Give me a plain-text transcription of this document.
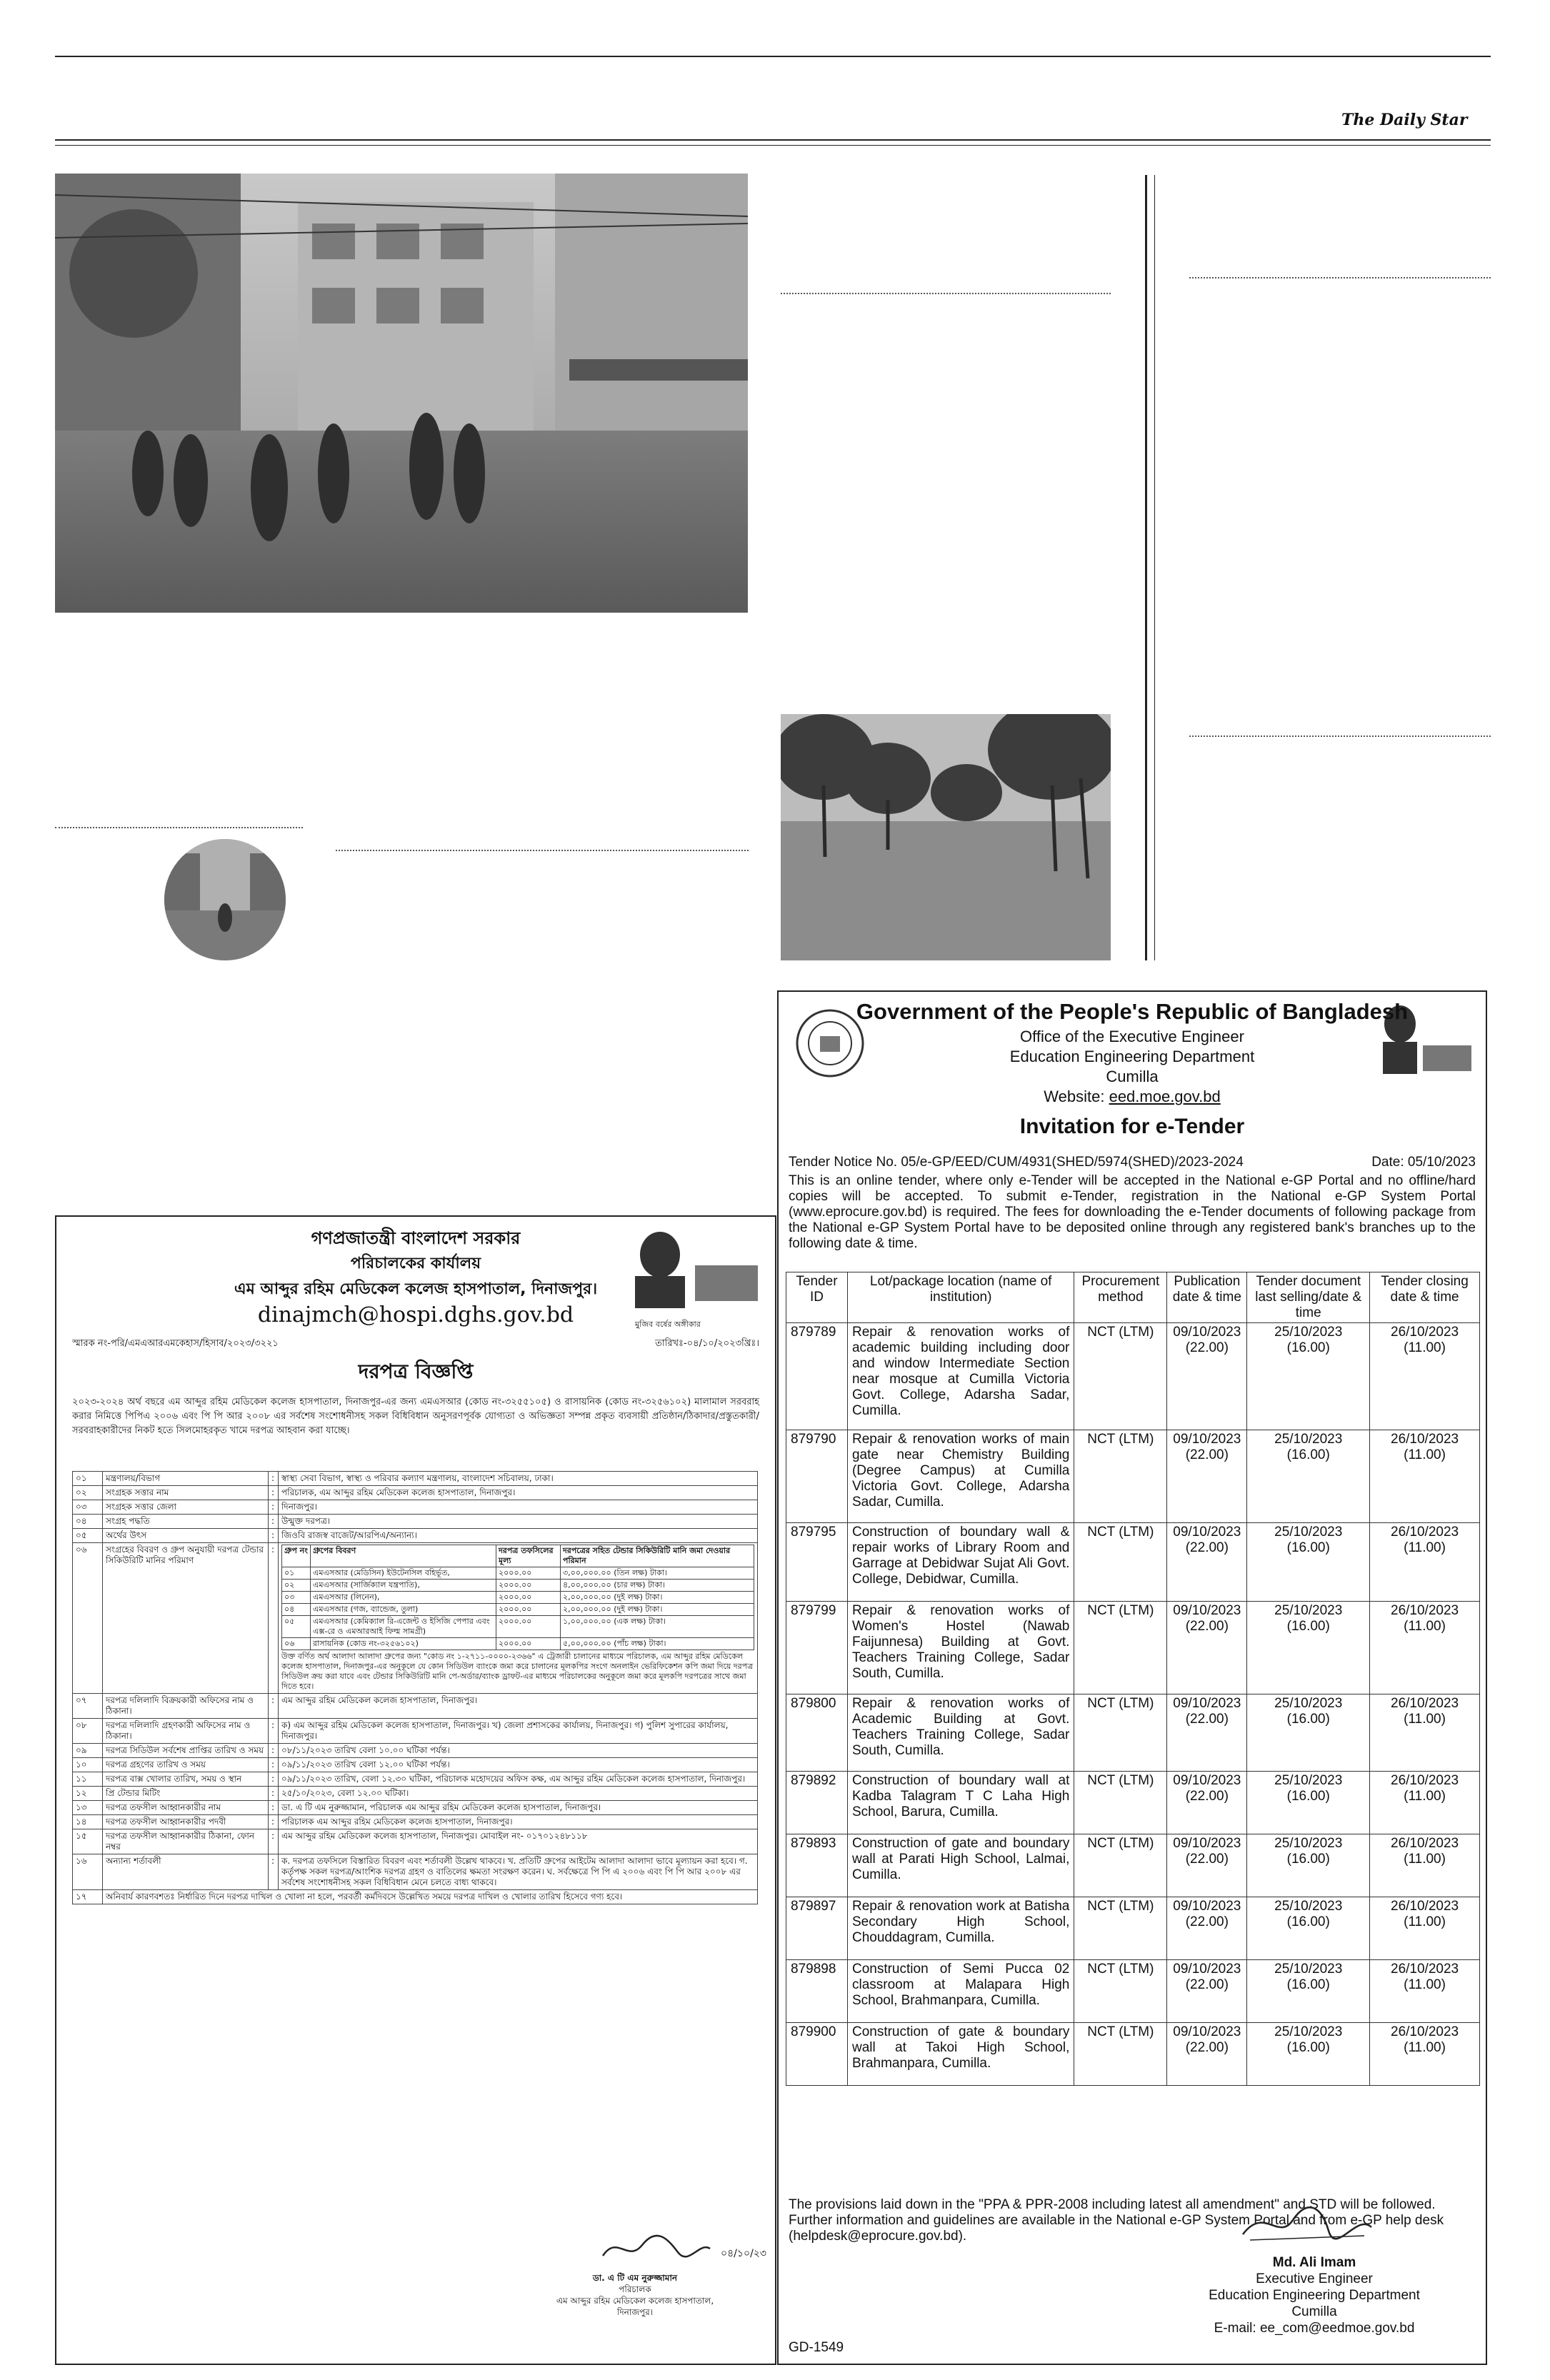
The Daily Star
Government of the People's Republic of Bangladesh
Office of the Executive Engineer
Education Engineering Department
Cumilla
Website: eed.moe.gov.bd
Invitation for e-Tender
Tender Notice No. 05/e-GP/EED/CUM/4931(SHED/5974(SHED)/2023-2024	Date: 05/10/2023
This is an online tender, where only e-Tender will be accepted in the National e-GP Portal and no offline/hard copies will be accepted. To submit e-Tender, registration in the National e-GP System Portal (www.eprocure.gov.bd) is required. The fees for downloading the e-Tender documents of following package from the National e-GP System Portal have to be deposited online through any registered bank's branches up to the following date & time.
Tender ID	Lot/package location (name of institution)	Procurement method	Publication date & time	Tender document last selling/date & time	Tender closing date & time
879789	Repair & renovation works of academic building including door and window Intermediate Section near mosque at Cumilla Victoria Govt. College, Adarsha Sadar, Cumilla.	NCT (LTM)	09/10/2023 (22.00)	25/10/2023 (16.00)	26/10/2023 (11.00)
879790	Repair & renovation works of main gate near Chemistry Building (Degree Campus) at Cumilla Victoria Govt. College, Adarsha Sadar, Cumilla.	NCT (LTM)	09/10/2023 (22.00)	25/10/2023 (16.00)	26/10/2023 (11.00)
879795	Construction of boundary wall & repair works of Library Room and Garrage at Debidwar Sujat Ali Govt. College, Debidwar, Cumilla.	NCT (LTM)	09/10/2023 (22.00)	25/10/2023 (16.00)	26/10/2023 (11.00)
879799	Repair & renovation works of Women's Hostel (Nawab Faijunnesa) Building at Govt. Teachers Training College, Sadar South, Cumilla.	NCT (LTM)	09/10/2023 (22.00)	25/10/2023 (16.00)	26/10/2023 (11.00)
879800	Repair & renovation works of Academic Building at Govt. Teachers Training College, Sadar South, Cumilla.	NCT (LTM)	09/10/2023 (22.00)	25/10/2023 (16.00)	26/10/2023 (11.00)
879892	Construction of boundary wall at Kadba Talagram T C Laha High School, Barura, Cumilla.	NCT (LTM)	09/10/2023 (22.00)	25/10/2023 (16.00)	26/10/2023 (11.00)
879893	Construction of gate and boundary wall at Parati High School, Lalmai, Cumilla.	NCT (LTM)	09/10/2023 (22.00)	25/10/2023 (16.00)	26/10/2023 (11.00)
879897	Repair & renovation work at Batisha Secondary High School, Chouddagram, Cumilla.	NCT (LTM)	09/10/2023 (22.00)	25/10/2023 (16.00)	26/10/2023 (11.00)
879898	Construction of Semi Pucca 02 classroom at Malapara High School, Brahmanpara, Cumilla.	NCT (LTM)	09/10/2023 (22.00)	25/10/2023 (16.00)	26/10/2023 (11.00)
879900	Construction of gate & boundary wall at Takoi High School, Brahmanpara, Cumilla.	NCT (LTM)	09/10/2023 (22.00)	25/10/2023 (16.00)	26/10/2023 (11.00)
The provisions laid down in the "PPA & PPR-2008 including latest all amendment" and STD will be followed. Further information and guidelines are available in the National e-GP System Portal and from e-GP help desk (helpdesk@eprocure.gov.bd).
Md. Ali Imam
Executive Engineer
Education Engineering Department
Cumilla
E-mail: ee_com@eedmoe.gov.bd
GD-1549
গণপ্রজাতন্ত্রী বাংলাদেশ সরকার
পরিচালকের কার্যালয়
এম আব্দুর রহিম মেডিকেল কলেজ হাসপাতাল, দিনাজপুর।
dinajmch@hospi.dghs.gov.bd	মুজিব বর্ষের অঙ্গীকার
স্মারক নং-পরি/এমএআরএমকেহাস/হিসাব/২০২৩/৩২২১	তারিখঃ-০৪/১০/২০২৩খ্রিঃ।
দরপত্র বিজ্ঞপ্তি
২০২৩-২০২৪ অর্থ বছরে এম আব্দুর রহিম মেডিকেল কলেজ হাসপাতাল, দিনাজপুর-এর জন্য এমএসআর (কোড নং-৩২৫৫১০৫) ও রাসায়নিক (কোড নং-৩২৫৬১০২) মালামাল সরবরাহ করার নিমিত্তে পিপিএ ২০০৬ এবং পি পি আর ২০০৮ এর সর্বশেষ সংশোধনীসহ সকল বিধিবিধান অনুসরণপূর্বক যোগ্যতা ও অভিজ্ঞতা সম্পন্ন প্রকৃত ব্যবসায়ী প্রতিষ্ঠান/ঠিকাদার/প্রস্তুতকারী/সরবরাহকারীদের নিকট হতে সিলমোহরকৃত খামে দরপত্র আহবান করা যাচ্ছে।
০১	মন্ত্রণালয়/বিভাগ	:	স্বাস্থ্য সেবা বিভাগ, স্বাস্থ্য ও পরিবার কল্যাণ মন্ত্রণালয়, বাংলাদেশ সচিবালয়, ঢাকা।
০২	সংগ্রহক সত্তার নাম	:	পরিচালক, এম আব্দুর রহিম মেডিকেল কলেজ হাসপাতাল, দিনাজপুর।
০৩	সংগ্রহক সত্তার জেলা	:	দিনাজপুর।
০৪	সংগ্রহ পদ্ধতি	:	উন্মুক্ত দরপত্র।
০৫	অর্থের উৎস	:	জিওবি রাজস্ব বাজেট/আরপিএ/অন্যান্য।
০৬	সংগ্রহের বিবরণ ও গ্রুপ অনুযায়ী দরপত্র টেন্ডার সিকিউরিটি মানির পরিমাণ	:	গ্রুপ নং	গ্রুপের বিবরণ	দরপত্র তফসিলের মূল্য	দরপত্রের সহিত টেন্ডার সিকিউরিটি মানি জমা দেওয়ার পরিমান
০১	এমএসআর (মেডিসিন) ইউটেনসিল বহির্ভূত,	২০০০.০০	৩,০০,০০০.০০ (তিন লক্ষ) টাকা।
০২	এমএসআর (সার্জিক্যাল যন্ত্রপাতি),	২০০০.০০	৪,০০,০০০.০০ (চার লক্ষ) টাকা।
০৩	এমএসআর (লিনেন),	২০০০.০০	২,০০,০০০.০০ (দুই লক্ষ) টাকা।
০৪	এমএসআর (গজ, ব্যান্ডেজ, তুলা)	২০০০.০০	২,০০,০০০.০০ (দুই লক্ষ) টাকা।
০৫	এমএসআর (কেমিক্যাল রি-এজেন্ট ও ইসিজি পেপার এবং এক্স-রে ও এমআরআই ফিল্ম সামগ্রী)	২০০০.০০	১,০০,০০০.০০ (এক লক্ষ) টাকা।
০৬	রাসায়নিক (কোড নং-৩২৫৬১০২)	২০০০.০০	৫,০০,০০০.০০ (পাঁচ লক্ষ) টাকা।
উক্ত বর্ণিত অর্থ আলাদা আলাদা গ্রুপের জন্য "কোড নং ১-২৭১১-০০০০-২৩৬৬" এ ট্রেজারী চালানের মাধ্যমে পরিচালক, এম আব্দুর রহিম মেডিকেল কলেজ হাসপাতাল, দিনাজপুর-এর অনুকূলে যে কোন সিডিউল ব্যাংকে জমা করে চালানের মূলকপির সংগে অনলাইন ভেরিফিকেশন কপি জমা দিয়ে দরপত্র সিডিউল ক্রয় করা যাবে এবং টেন্ডার সিকিউরিটি মানি পে-অর্ডার/ব্যাংক ড্রাফট-এর মাধ্যমে পরিচালকের অনুকূলে জমা করে মূলকপি দরপত্রের সাথে জমা দিতে হবে।

০৭	দরপত্র দলিলাদি বিক্রয়কারী অফিসের নাম ও ঠিকানা।	:	এম আব্দুর রহিম মেডিকেল কলেজ হাসপাতাল, দিনাজপুর।
০৮	দরপত্র দলিলাদি গ্রহণকারী অফিসের নাম ও ঠিকানা।	:	ক) এম আব্দুর রহিম মেডিকেল কলেজ হাসপাতাল, দিনাজপুর। খ) জেলা প্রশাসকের কার্যালয়, দিনাজপুর। গ) পুলিশ সুপারের কার্যালয়, দিনাজপুর।
০৯	দরপত্র সিডিউল সর্বশেষ প্রাপ্তির তারিখ ও সময়	:	০৮/১১/২০২৩ তারিখ বেলা ১০.০০ ঘটিকা পর্যন্ত।
১০	দরপত্র গ্রহণের তারিখ ও সময়	:	০৯/১১/২০২৩ তারিখ বেলা ১২.০০ ঘটিকা পর্যন্ত।
১১	দরপত্র বাক্স খোলার তারিখ, সময় ও স্থান	:	০৯/১১/২০২৩ তারিখ, বেলা ১২.৩০ ঘটিকা, পরিচালক মহোদয়ের অফিস কক্ষ, এম আব্দুর রহিম মেডিকেল কলেজ হাসপাতাল, দিনাজপুর।
১২	প্রি টেন্ডার মিটিং	:	২৫/১০/২০২৩, বেলা ১২.০০ ঘটিকা।
১৩	দরপত্র তফসীল আহ্বানকারীর নাম	:	ডা. এ টি এম নুরুজ্জামান, পরিচালক এম আব্দুর রহিম মেডিকেল কলেজ হাসপাতাল, দিনাজপুর।
১৪	দরপত্র তফসীল আহ্বানকারীর পদবী	:	পরিচালক এম আব্দুর রহিম মেডিকেল কলেজ হাসপাতাল, দিনাজপুর।
১৫	দরপত্র তফসীল আহ্বানকারীর ঠিকানা, ফোন নম্বর	:	এম আব্দুর রহিম মেডিকেল কলেজ হাসপাতাল, দিনাজপুর। মোবাইল নং- ০১৭০১২৪৮১১৮
১৬	অন্যান্য শর্তাবলী	:	ক. দরপত্র তফসিলে বিস্তারিত বিবরণ এবং শর্তাবলী উল্লেখ থাকবে। খ. প্রতিটি গ্রুপের আইটেম আলাদা আলাদা ভাবে মূল্যায়ন করা হবে। গ. কর্তৃপক্ষ সকল দরপত্র/আংশিক দরপত্র গ্রহণ ও বাতিলের ক্ষমতা সংরক্ষণ করেন। ঘ. সর্বক্ষেত্রে পি পি এ ২০০৬ এবং পি পি আর ২০০৮ এর সর্বশেষ সংশোধনীসহ সকল বিধিবিধান মেনে চলতে বাধ্য থাকবে।
১৭	অনিবার্য কারণবশতঃ নির্ধারিত দিনে দরপত্র দাখিল ও খোলা না হলে, পরবর্তী কর্মদিবসে উল্লেখিত সময়ে দরপত্র দাখিল ও খোলার তারিখ হিসেবে গণ্য হবে।
০৪/১০/২৩
ডা. এ টি এম নুরুজ্জামান
পরিচালক
এম আব্দুর রহিম মেডিকেল কলেজ হাসপাতাল,
দিনাজপুর।
